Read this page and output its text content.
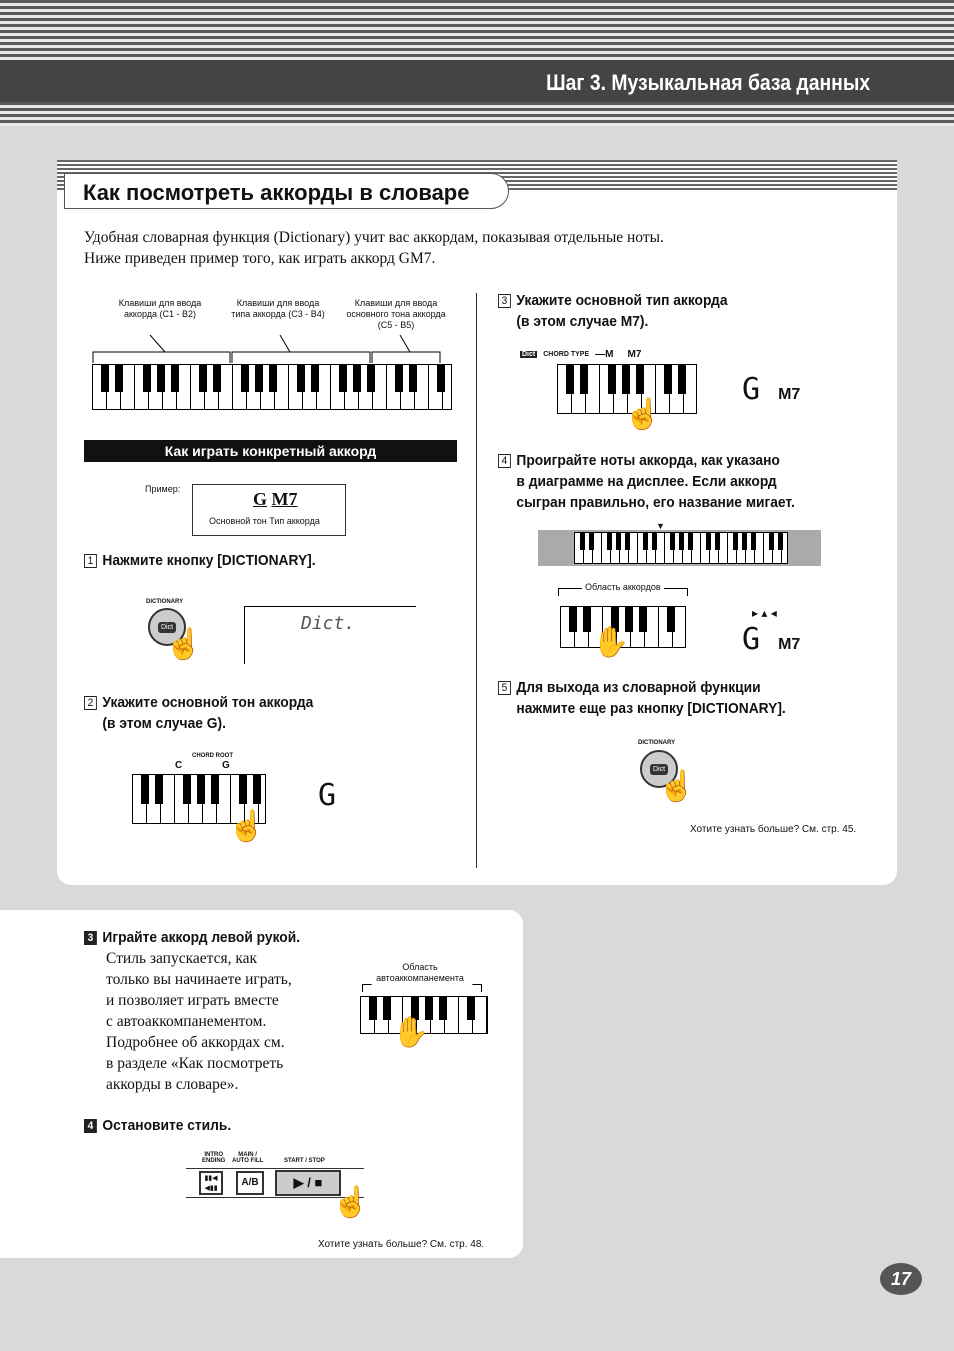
Шаг 3. Музыкальная база данных
Как посмотреть аккорды в словаре
Удобная словарная функция (Dictionary) учит вас аккордам, показывая отдельные ноты.
Ниже приведен пример того, как играть аккорд GM7.
Клавиши для ввода аккорда (C1 - B2)
Клавиши для ввода типа аккорда (C3 - B4)
Клавиши для ввода основного тона аккорда (C5 - B5)
Как играть конкретный аккорд
Пример:	G M7
Основной тон Тип аккорда
1 Нажмите кнопку [DICTIONARY].
DICTIONARY
Dict
☝
Dict.
2 Укажите основной тон аккорда
(в этом случае G).
CHORD ROOT
C	G
☝
G
3 Укажите основной тип аккорда
(в этом случае M7).
Dict CHORD TYPE —M M7
☝
G M7
4 Проиграйте ноты аккорда, как указано
в диаграмме на дисплее. Если аккорд
сыгран правильно, его название мигает.
▼
Область аккордов
✋
▸ ▴ ◂
G M7
5 Для выхода из словарной функции
нажмите еще раз кнопку [DICTIONARY].
DICTIONARY
Dict
☝
Хотите узнать больше? См. стр. 45.
3 Играйте аккорд левой рукой.
Стиль запускается, как
только вы начинаете играть,
и позволяет играть вместе
с автоаккомпанементом.
Подробнее об аккордах см.
в разделе «Как посмотреть
аккорды в словаре».
Область
автоаккомпанемента
✋
4 Остановите стиль.
INTRO
ENDING
MAIN /
AUTO FILL	START / STOP
▮▮◀
◀▮▮
A/B	▶ / ■
☝
Хотите узнать больше? См. стр. 48.
17
